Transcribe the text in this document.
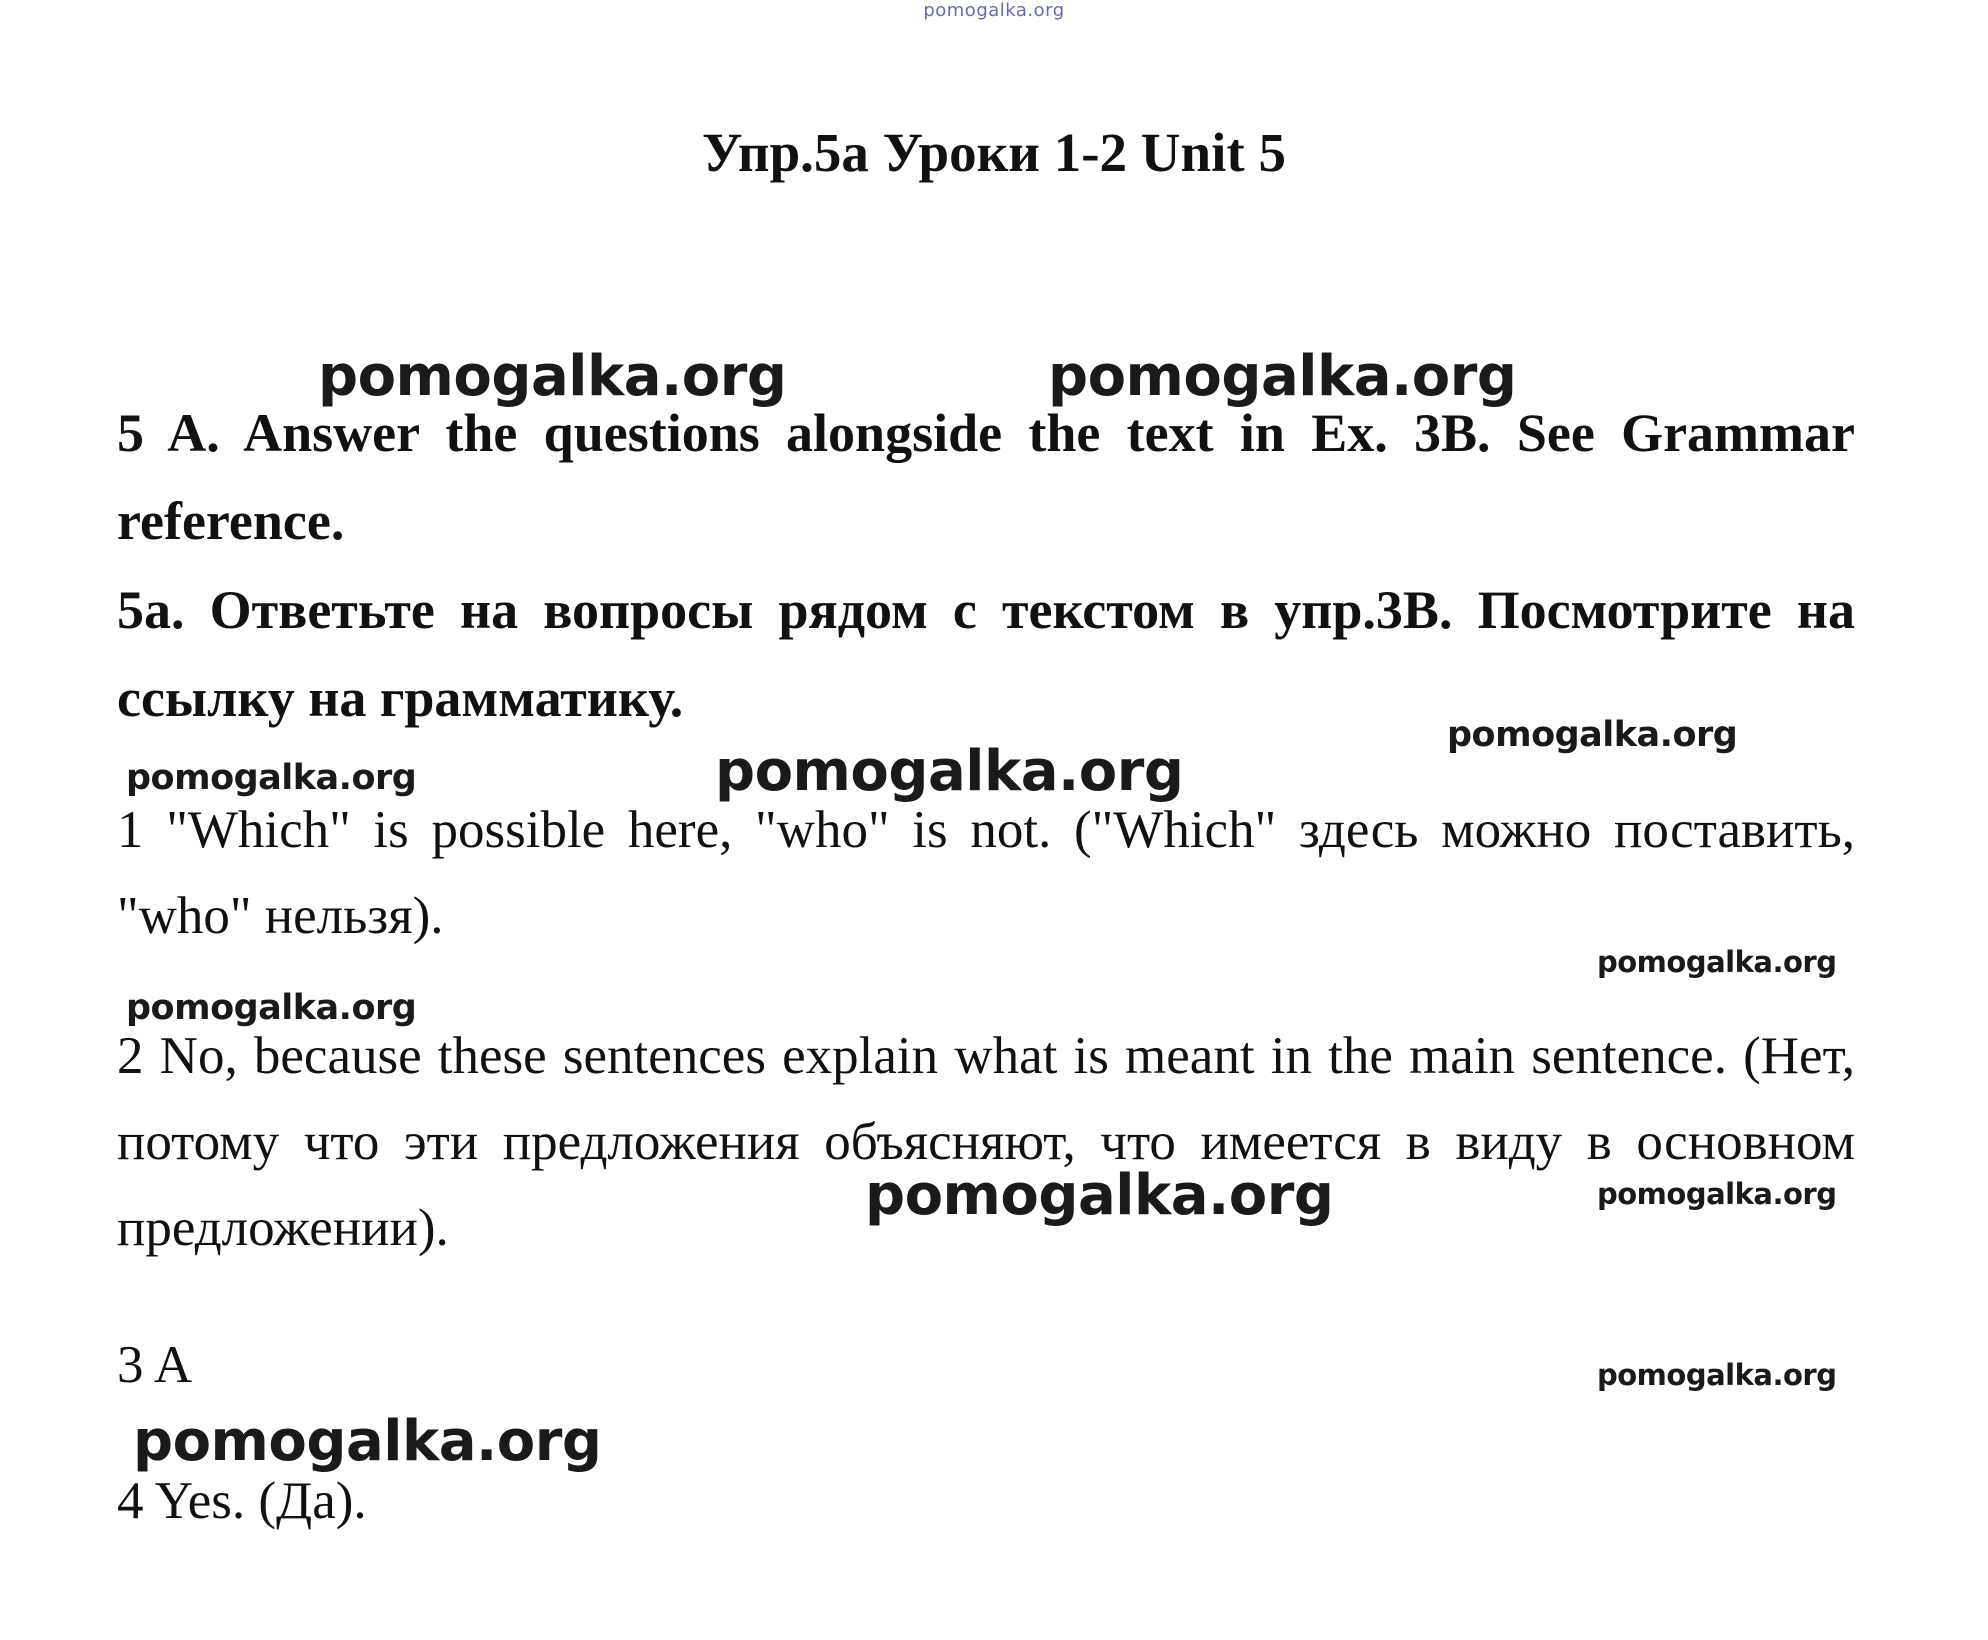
pomogalka.org
Упр.5а Уроки 1-2 Unit 5
pomogalka.org	pomogalka.org
pomogalka.org
pomogalka.org	pomogalka.org
pomogalka.org
pomogalka.org
pomogalka.org	pomogalka.org
pomogalka.org
pomogalka.org
5 A. Answer the questions alongside the text in Ex. 3B. See Grammar reference.
5а. Ответьте на вопросы рядом с текстом в упр.3B. Посмотрите на ссылку на грамматику.
1 "Which" is possible here, "who" is not. ("Which" здесь можно поставить, "who" нельзя).
2 No, because these sentences explain what is meant in the main sentence. (Нет, потому что эти предложения объясняют, что имеется в виду в основном предложении).
3 A
4 Yes. (Да).
